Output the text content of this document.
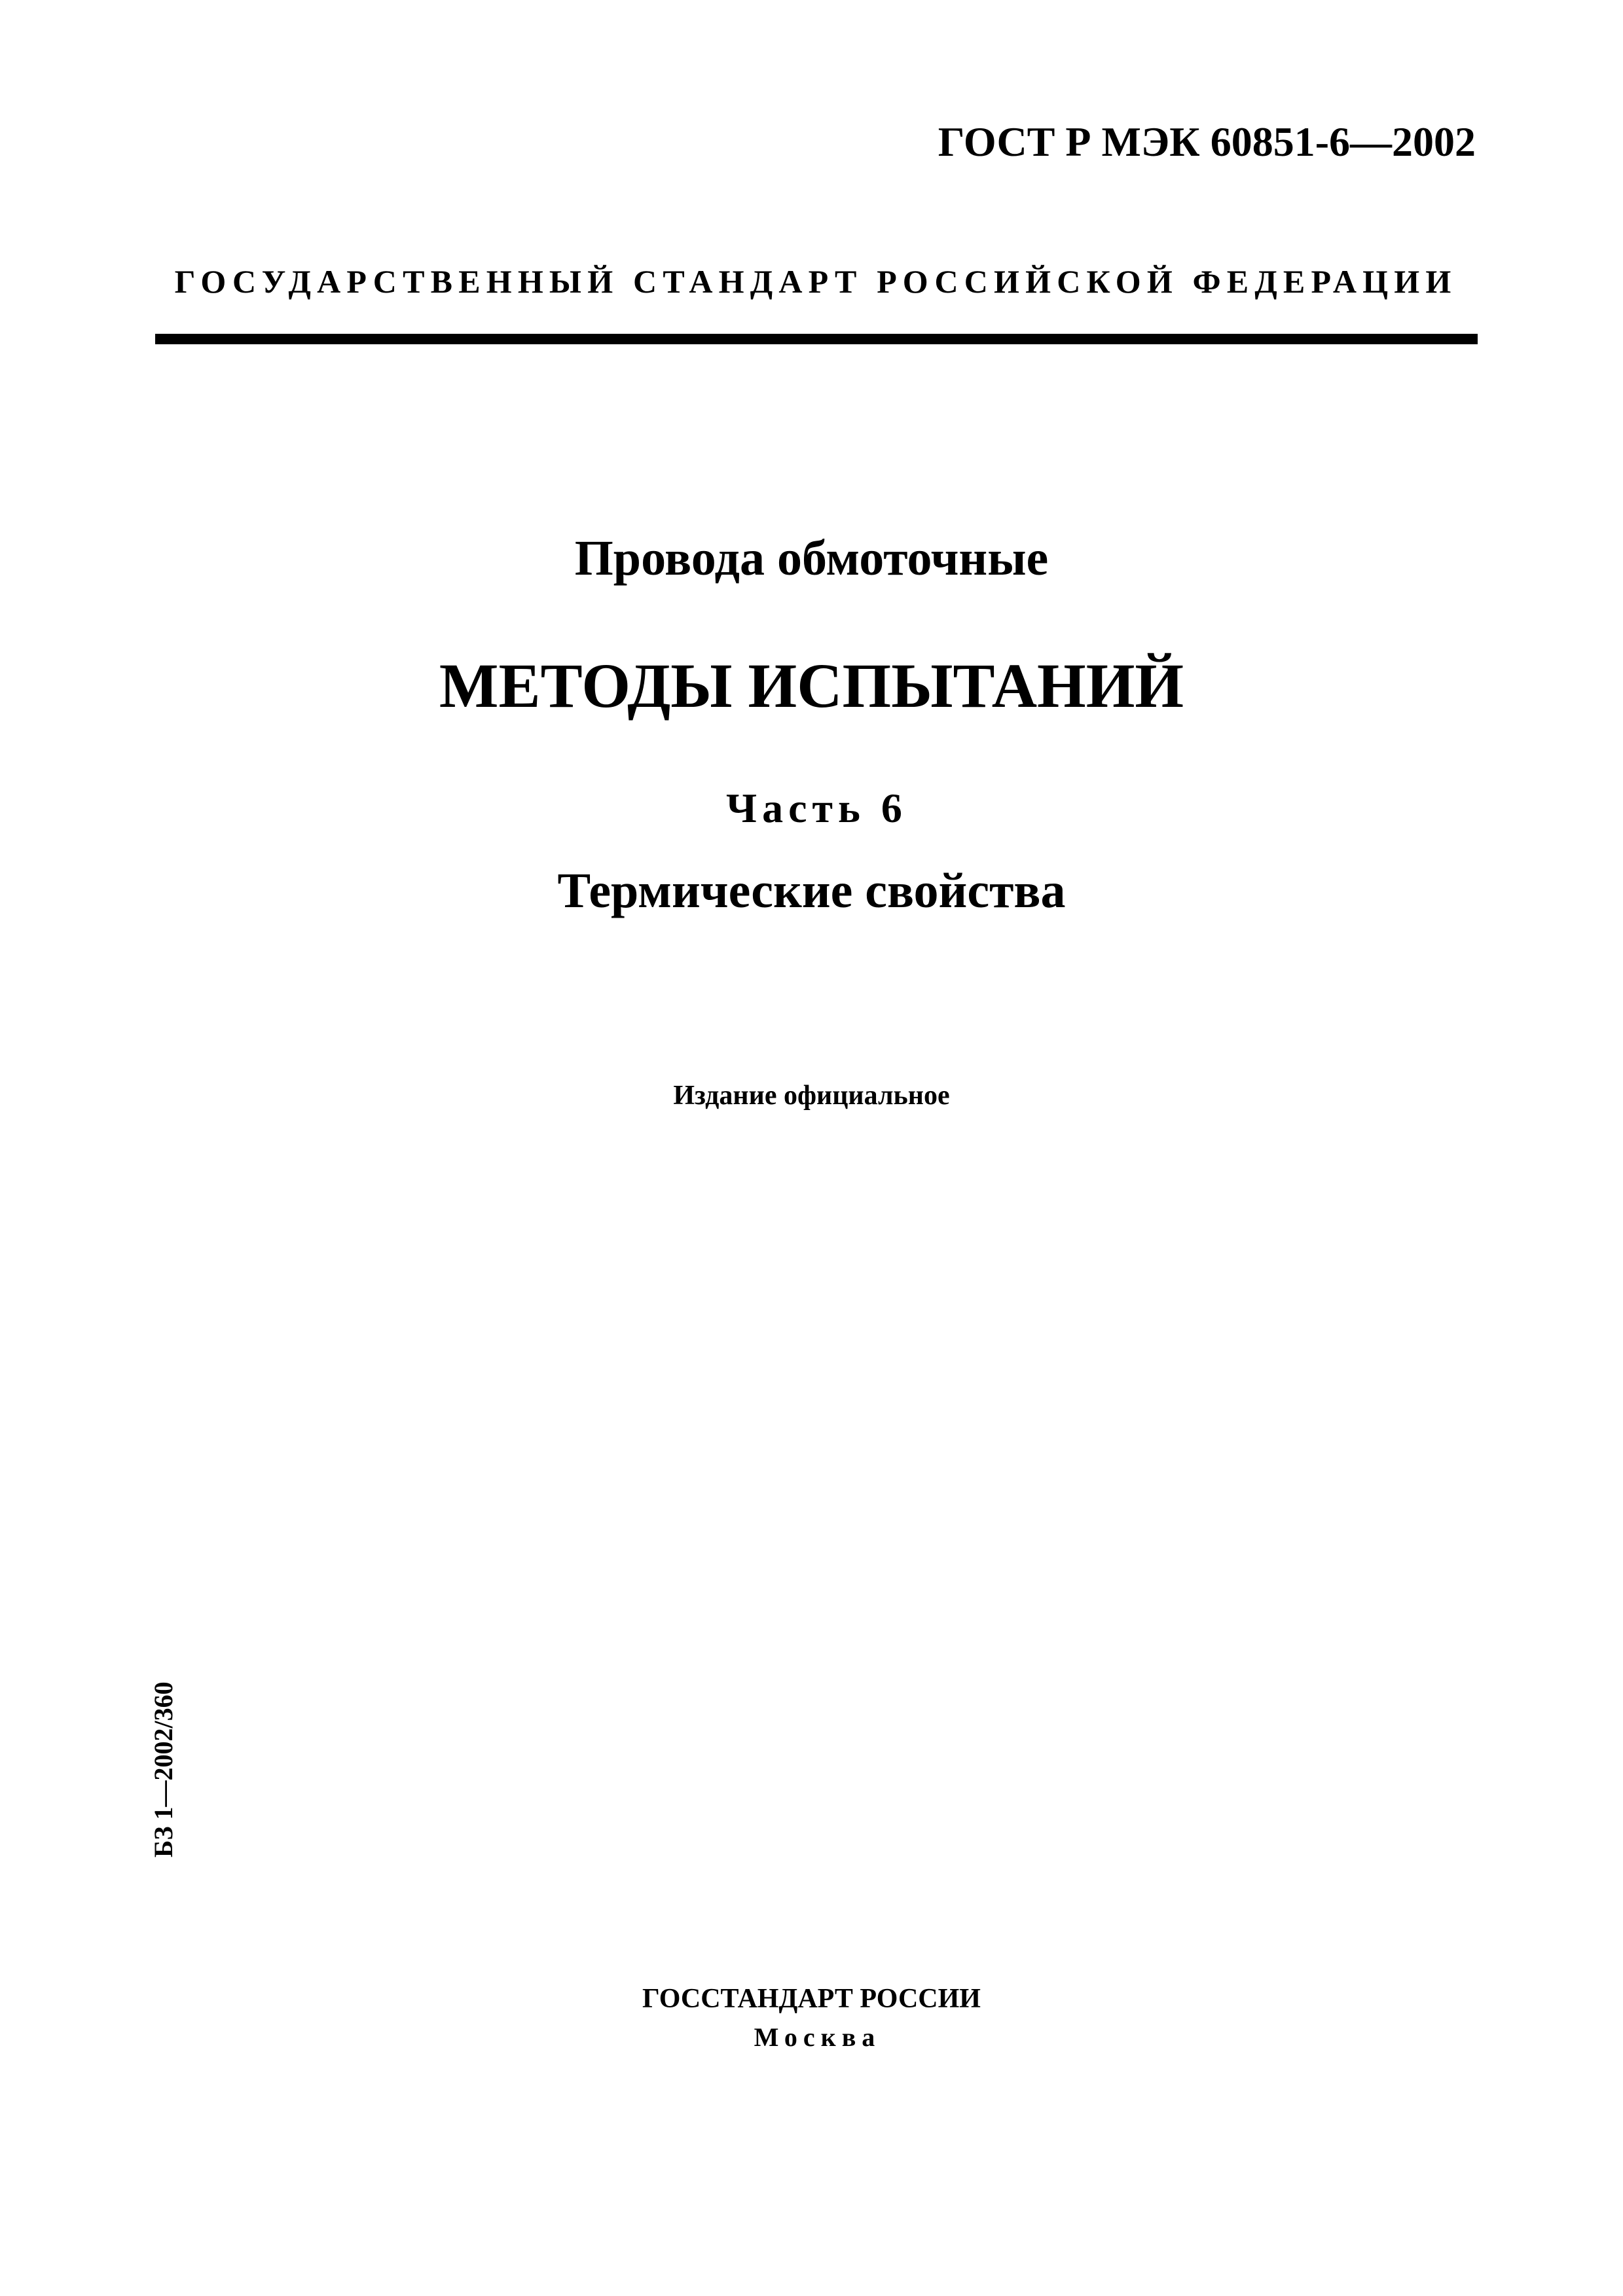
ГОСТ Р МЭК 60851-6—2002
ГОСУДАРСТВЕННЫЙ СТАНДАРТ РОССИЙСКОЙ ФЕДЕРАЦИИ
Провода обмоточные
МЕТОДЫ ИСПЫТАНИЙ
Часть 6
Термические свойства
Издание официальное
БЗ 1—2002/360
ГОССТАНДАРТ РОССИИ
Москва
